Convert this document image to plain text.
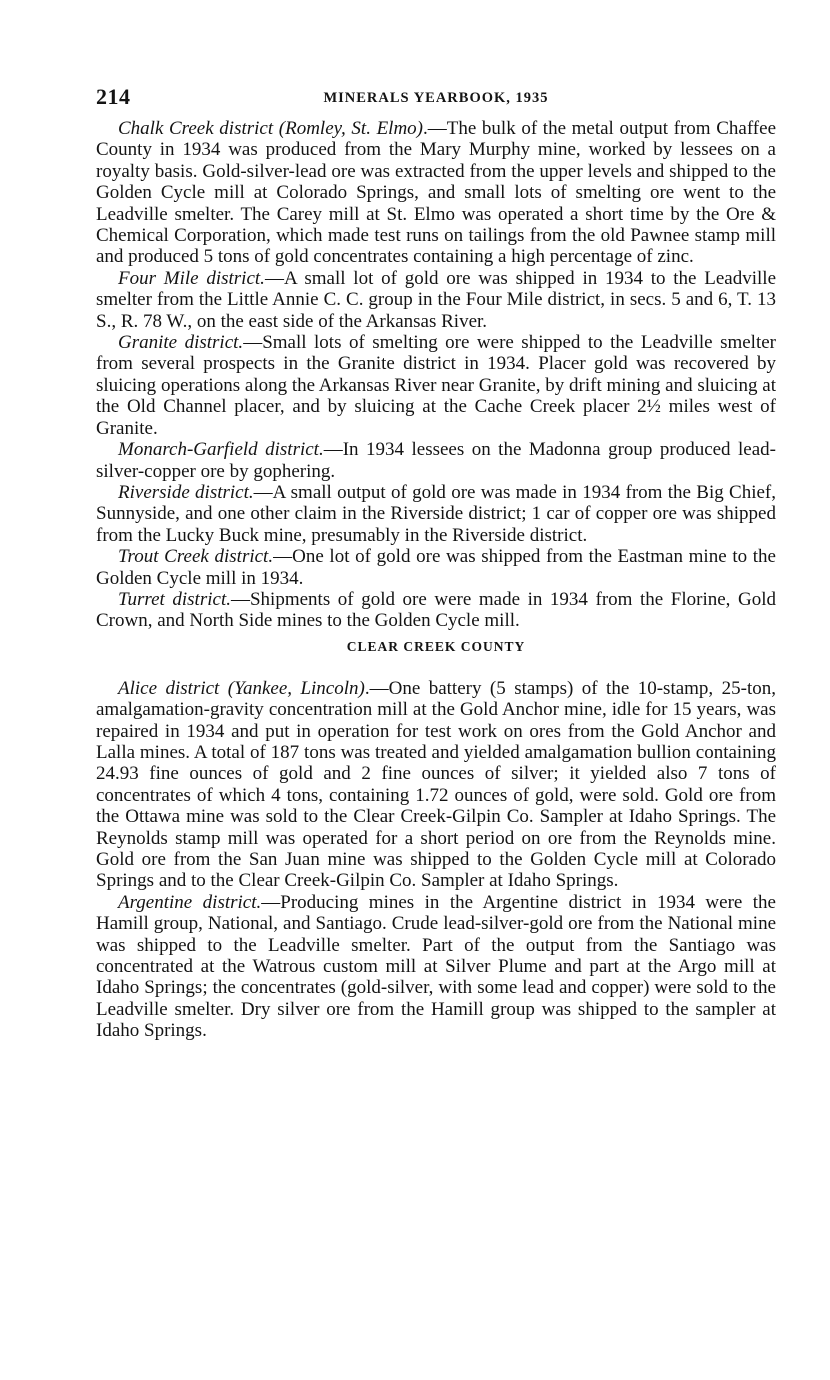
214	MINERALS YEARBOOK, 1935

Chalk Creek district (Romley, St. Elmo).—The bulk of the metal output from Chaffee County in 1934 was produced from the Mary Murphy mine, worked by lessees on a royalty basis. Gold-silver-lead ore was extracted from the upper levels and shipped to the Golden Cycle mill at Colorado Springs, and small lots of smelting ore went to the Leadville smelter. The Carey mill at St. Elmo was operated a short time by the Ore & Chemical Corporation, which made test runs on tailings from the old Pawnee stamp mill and produced 5 tons of gold concentrates containing a high percentage of zinc.

Four Mile district.—A small lot of gold ore was shipped in 1934 to the Leadville smelter from the Little Annie C. C. group in the Four Mile district, in secs. 5 and 6, T. 13 S., R. 78 W., on the east side of the Arkansas River.

Granite district.—Small lots of smelting ore were shipped to the Leadville smelter from several prospects in the Granite district in 1934. Placer gold was recovered by sluicing operations along the Arkansas River near Granite, by drift mining and sluicing at the Old Channel placer, and by sluicing at the Cache Creek placer 2½ miles west of Granite.

Monarch-Garfield district.—In 1934 lessees on the Madonna group produced lead-silver-copper ore by gophering.

Riverside district.—A small output of gold ore was made in 1934 from the Big Chief, Sunnyside, and one other claim in the Riverside district; 1 car of copper ore was shipped from the Lucky Buck mine, presumably in the Riverside district.

Trout Creek district.—One lot of gold ore was shipped from the Eastman mine to the Golden Cycle mill in 1934.

Turret district.—Shipments of gold ore were made in 1934 from the Florine, Gold Crown, and North Side mines to the Golden Cycle mill.

CLEAR CREEK COUNTY

Alice district (Yankee, Lincoln).—One battery (5 stamps) of the 10-stamp, 25-ton, amalgamation-gravity concentration mill at the Gold Anchor mine, idle for 15 years, was repaired in 1934 and put in operation for test work on ores from the Gold Anchor and Lalla mines. A total of 187 tons was treated and yielded amalgamation bullion containing 24.93 fine ounces of gold and 2 fine ounces of silver; it yielded also 7 tons of concentrates of which 4 tons, containing 1.72 ounces of gold, were sold. Gold ore from the Ottawa mine was sold to the Clear Creek-Gilpin Co. Sampler at Idaho Springs. The Reynolds stamp mill was operated for a short period on ore from the Reynolds mine. Gold ore from the San Juan mine was shipped to the Golden Cycle mill at Colorado Springs and to the Clear Creek-Gilpin Co. Sampler at Idaho Springs.

Argentine district.—Producing mines in the Argentine district in 1934 were the Hamill group, National, and Santiago. Crude lead-silver-gold ore from the National mine was shipped to the Leadville smelter. Part of the output from the Santiago was concentrated at the Watrous custom mill at Silver Plume and part at the Argo mill at Idaho Springs; the concentrates (gold-silver, with some lead and copper) were sold to the Leadville smelter. Dry silver ore from the Hamill group was shipped to the sampler at Idaho Springs.
